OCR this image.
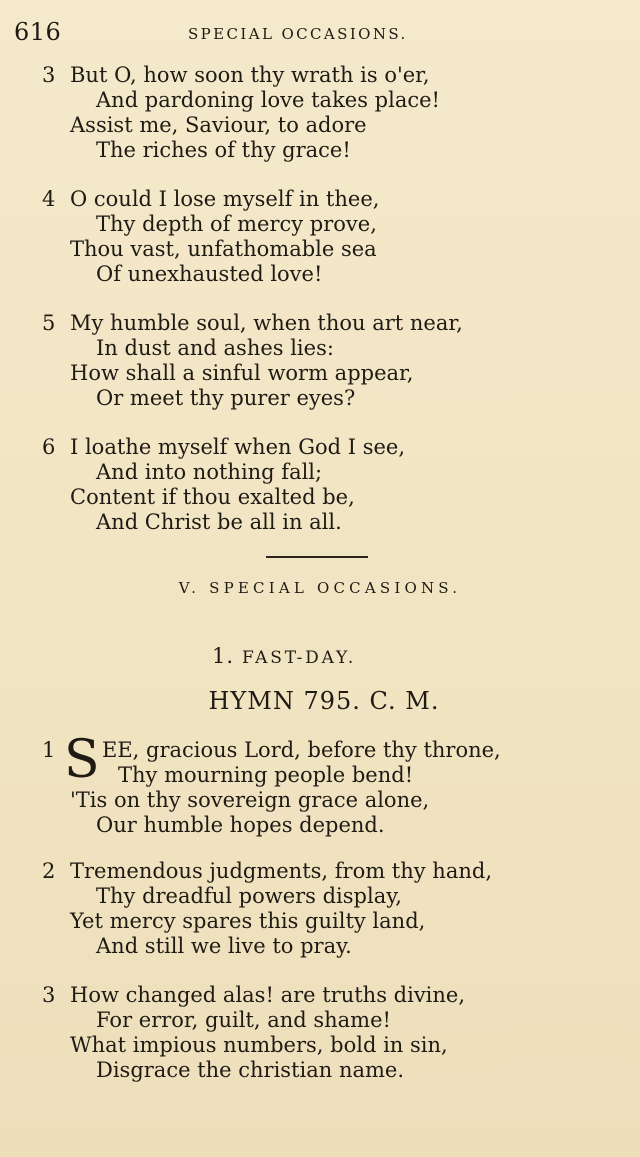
616	SPECIAL OCCASIONS.
3 But O, how soon thy wrath is o'er,
And pardoning love takes place!
Assist me, Saviour, to adore
The riches of thy grace!
4 O could I lose myself in thee,
Thy depth of mercy prove,
Thou vast, unfathomable sea
Of unexhausted love!
5 My humble soul, when thou art near,
In dust and ashes lies:
How shall a sinful worm appear,
Or meet thy purer eyes?
6 I loathe myself when God I see,
And into nothing fall;
Content if thou exalted be,
And Christ be all in all.
V. SPECIAL OCCASIONS.
1. FAST-DAY.
HYMN 795. C. M.
1 S EE, gracious Lord, before thy throne,
Thy mourning people bend!
'Tis on thy sovereign grace alone,
Our humble hopes depend.
2 Tremendous judgments, from thy hand,
Thy dreadful powers display,
Yet mercy spares this guilty land,
And still we live to pray.
3 How changed alas! are truths divine,
For error, guilt, and shame!
What impious numbers, bold in sin,
Disgrace the christian name.
